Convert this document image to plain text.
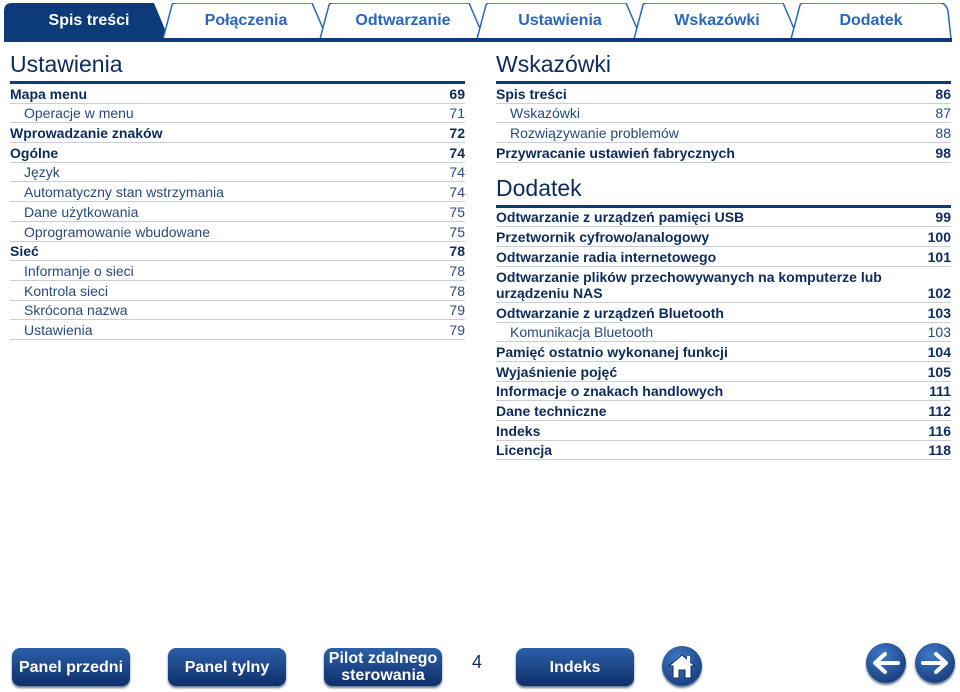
Spis treści	Połączenia	Odtwarzanie	Ustawienia	Wskazówki	Dodatek
Ustawienia
Mapa menu	69
Operacje w menu	71
Wprowadzanie znaków	72
Ogólne	74
Język	74
Automatyczny stan wstrzymania	74
Dane użytkowania	75
Oprogramowanie wbudowane	75
Sieć	78
Informanje o sieci	78
Kontrola sieci	78
Skrócona nazwa	79
Ustawienia	79
Wskazówki
Spis treści	86
Wskazówki	87
Rozwiązywanie problemów	88
Przywracanie ustawień fabrycznych	98
Dodatek
Odtwarzanie z urządzeń pamięci USB	99
Przetwornik cyfrowo/analogowy	100
Odtwarzanie radia internetowego	101
Odtwarzanie plików przechowywanych na komputerze lub urządzeniu NAS	102
Odtwarzanie z urządzeń Bluetooth	103
Komunikacja Bluetooth	103
Pamięć ostatnio wykonanej funkcji	104
Wyjaśnienie pojęć	105
Informacje o znakach handlowych	111
Dane techniczne	112
Indeks	116
Licencja	118
Panel przedni	Panel tylny	Pilot zdalnego
sterowania
4	Indeks
